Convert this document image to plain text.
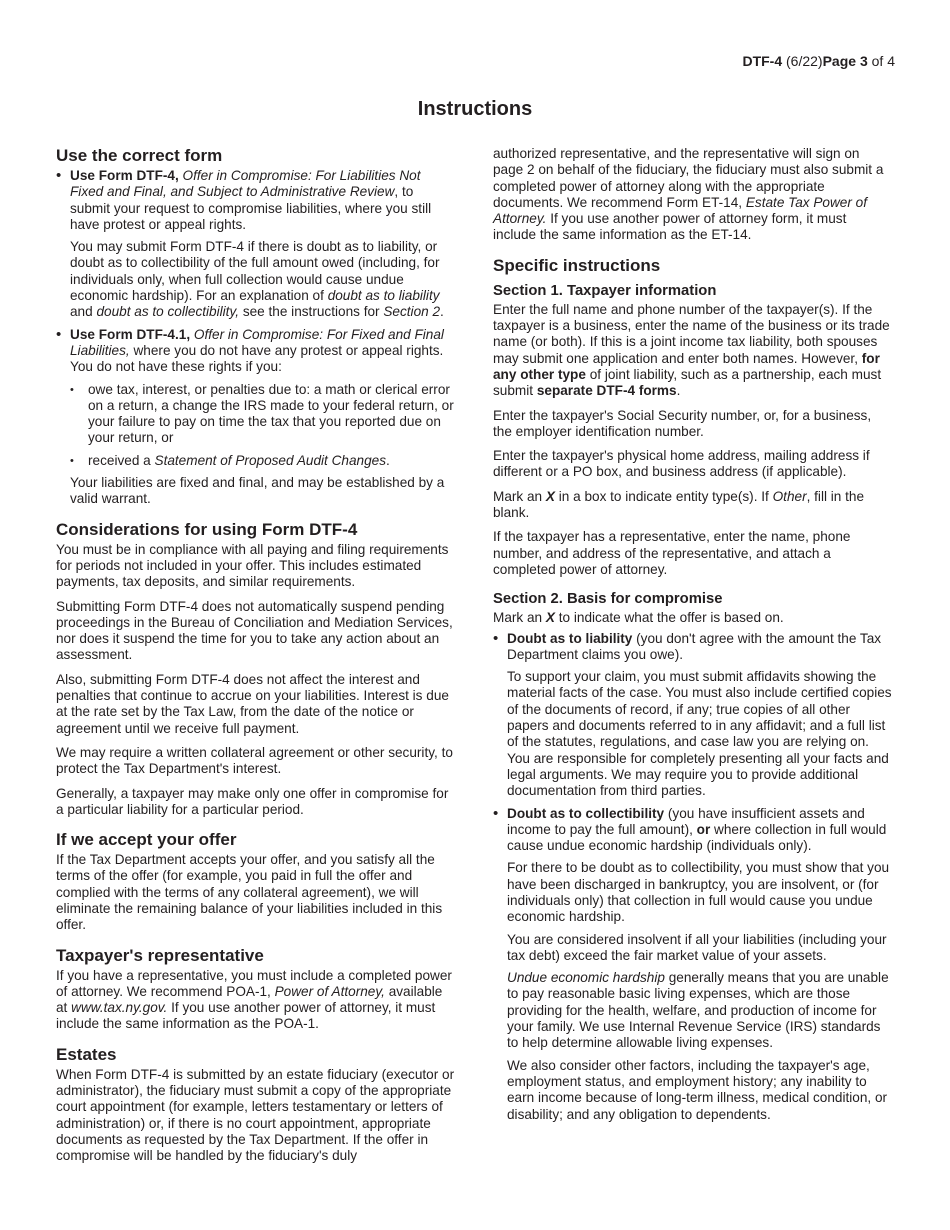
DTF-4 (6/22)Page 3 of 4
Instructions
Use the correct form
• Use Form DTF-4, Offer in Compromise: For Liabilities Not Fixed and Final, and Subject to Administrative Review, to submit your request to compromise liabilities, where you still have protest or appeal rights.

You may submit Form DTF-4 if there is doubt as to liability, or doubt as to collectibility of the full amount owed (including, for individuals only, when full collection would cause undue economic hardship). For an explanation of doubt as to liability and doubt as to collectibility, see the instructions for Section 2.

• Use Form DTF-4.1, Offer in Compromise: For Fixed and Final Liabilities, where you do not have any protest or appeal rights. You do not have these rights if you:
• owe tax, interest, or penalties due to: a math or clerical error on a return, a change the IRS made to your federal return, or your failure to pay on time the tax that you reported due on your return, or
• received a Statement of Proposed Audit Changes.

Your liabilities are fixed and final, and may be established by a valid warrant.

Considerations for using Form DTF-4

You must be in compliance with all paying and filing requirements for periods not included in your offer. This includes estimated payments, tax deposits, and similar requirements.

Submitting Form DTF-4 does not automatically suspend pending proceedings in the Bureau of Conciliation and Mediation Services, nor does it suspend the time for you to take any action about an assessment.

Also, submitting Form DTF-4 does not affect the interest and penalties that continue to accrue on your liabilities. Interest is due at the rate set by the Tax Law, from the date of the notice or agreement until we receive full payment.

We may require a written collateral agreement or other security, to protect the Tax Department's interest.

Generally, a taxpayer may make only one offer in compromise for a particular liability for a particular period.

If we accept your offer

If the Tax Department accepts your offer, and you satisfy all the terms of the offer (for example, you paid in full the offer and complied with the terms of any collateral agreement), we will eliminate the remaining balance of your liabilities included in this offer.

Taxpayer's representative

If you have a representative, you must include a completed power of attorney. We recommend POA-1, Power of Attorney, available at www.tax.ny.gov. If you use another power of attorney, it must include the same information as the POA-1.

Estates

When Form DTF-4 is submitted by an estate fiduciary (executor or administrator), the fiduciary must submit a copy of the appropriate court appointment (for example, letters testamentary or letters of administration) or, if there is no court appointment, appropriate documents as requested by the Tax Department. If the offer in compromise will be handled by the fiduciary's duly

authorized representative, and the representative will sign on page 2 on behalf of the fiduciary, the fiduciary must also submit a completed power of attorney along with the appropriate documents. We recommend Form ET-14, Estate Tax Power of Attorney. If you use another power of attorney form, it must include the same information as the ET-14.

Specific instructions
Section 1. Taxpayer information

Enter the full name and phone number of the taxpayer(s). If the taxpayer is a business, enter the name of the business or its trade name (or both). If this is a joint income tax liability, both spouses may submit one application and enter both names. However, for any other type of joint liability, such as a partnership, each must submit separate DTF-4 forms.

Enter the taxpayer's Social Security number, or, for a business, the employer identification number.

Enter the taxpayer's physical home address, mailing address if different or a PO box, and business address (if applicable).

Mark an X in a box to indicate entity type(s). If Other, fill in the blank.

If the taxpayer has a representative, enter the name, phone number, and address of the representative, and attach a completed power of attorney.

Section 2. Basis for compromise

Mark an X to indicate what the offer is based on.

• Doubt as to liability (you don't agree with the amount the Tax Department claims you owe).

To support your claim, you must submit affidavits showing the material facts of the case. You must also include certified copies of the documents of record, if any; true copies of all other papers and documents referred to in any affidavit; and a full list of the statutes, regulations, and case law you are relying on. You are responsible for completely presenting all your facts and legal arguments. We may require you to provide additional documentation from third parties.

• Doubt as to collectibility (you have insufficient assets and income to pay the full amount), or where collection in full would cause undue economic hardship (individuals only).

For there to be doubt as to collectibility, you must show that you have been discharged in bankruptcy, you are insolvent, or (for individuals only) that collection in full would cause you undue economic hardship.

You are considered insolvent if all your liabilities (including your tax debt) exceed the fair market value of your assets.

Undue economic hardship generally means that you are unable to pay reasonable basic living expenses, which are those providing for the health, welfare, and production of income for your family. We use Internal Revenue Service (IRS) standards to help determine allowable living expenses.

We also consider other factors, including the taxpayer's age, employment status, and employment history; any inability to earn income because of long-term illness, medical condition, or disability; and any obligation to dependents.
